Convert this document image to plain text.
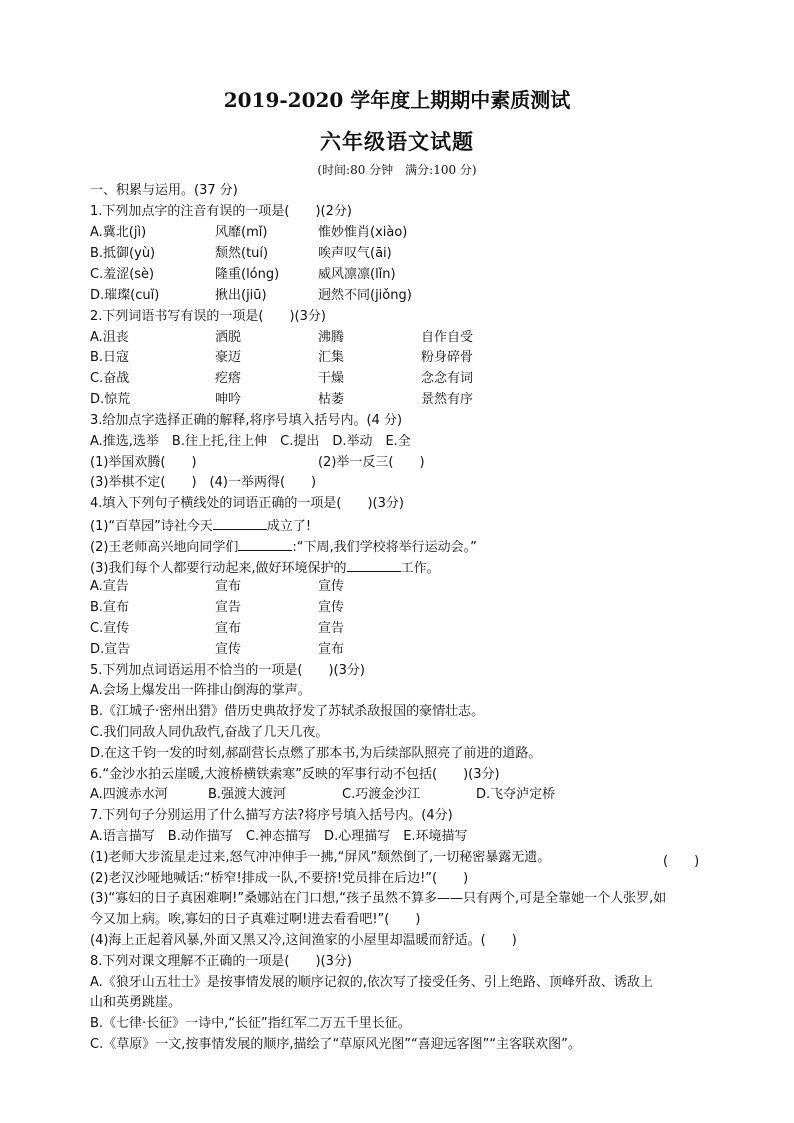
2019-2020 学年度上期期中素质测试
六年级语文试题
(时间:80 分钟　满分:100 分)
一、积累与运用。(37 分)
1.下列加点字的注音有误的一项是(　　)(2分)
A.冀北(jì)	风靡(mǐ)	惟妙惟肖(xiào)
B.抵御(yù)	颓然(tuí)	唉声叹气(āi)
C.羞涩(sè)	隆重(lóng)	威风凛凛(lǐn)
D.璀璨(cuǐ)	揪出(jiū)	迥然不同(jiǒng)
2.下列词语书写有误的一项是(　　)(3分)
A.沮丧	洒脱	沸腾	自作自受
B.日寇	豪迈	汇集	粉身碎骨
C.奋战	疙瘩	干燥	念念有词
D.惊荒	呻吟	枯萎	景然有序
3.给加点字选择正确的解释,将序号填入括号内。(4 分)
A.推选,选举　B.往上托,往上伸　C.提出　D.举动　E.全
(1)举国欢腾(　　)	(2)举一反三(　　)
(3)举棋不定(　　)　(4)一举两得(　　)
4.填入下列句子横线处的词语正确的一项是(　　)(3分)
(1)“百草园”诗社今天	成立了!
(2)王老师高兴地向同学们	:“下周,我们学校将举行运动会。”
(3)我们每个人都要行动起来,做好环境保护的	工作。
A.宣告	宣布	宣传
B.宣布	宣告	宣传
C.宣传	宣布	宣告
D.宣告	宣传	宣布
5.下列加点词语运用不恰当的一项是(　　)(3分)
A.会场上爆发出一阵排山倒海的掌声。
B.《江城子·密州出猎》借历史典故抒发了苏轼杀敌报国的豪情壮志。
C.我们同敌人同仇敌忾,奋战了几天几夜。
D.在这千钧一发的时刻,郝副营长点燃了那本书,为后续部队照亮了前进的道路。
6.“金沙水拍云崖暖,大渡桥横铁索寒”反映的军事行动不包括(　　)(3分)
A.四渡赤水河	B.强渡大渡河	C.巧渡金沙江	D.飞夺泸定桥
7.下列句子分别运用了什么描写方法?将序号填入括号内。(4分)
A.语言描写　B.动作描写　C.神态描写　D.心理描写　E.环境描写
(1)老师大步流星走过来,怒气冲冲伸手一拂,“屏风”颓然倒了,一切秘密暴露无遗。	(　　)
(2)老汉沙哑地喊话:“桥窄!排成一队,不要挤!党员排在后边!”(　　)
(3)“寡妇的日子真困难啊!”桑娜站在门口想,“孩子虽然不算多——只有两个,可是全靠她一个人张罗,如
今又加上病。唉,寡妇的日子真难过啊!进去看看吧!”(　　)
(4)海上正起着风暴,外面又黑又冷,这间渔家的小屋里却温暖而舒适。(　　)
8.下列对课文理解不正确的一项是(　　)(3分)
A.《狼牙山五壮士》是按事情发展的顺序记叙的,依次写了接受任务、引上绝路、顶峰歼敌、诱敌上
山和英勇跳崖。
B.《七律·长征》一诗中,“长征”指红军二万五千里长征。
C.《草原》一文,按事情发展的顺序,描绘了“草原风光图”“喜迎远客图”“主客联欢图”。
